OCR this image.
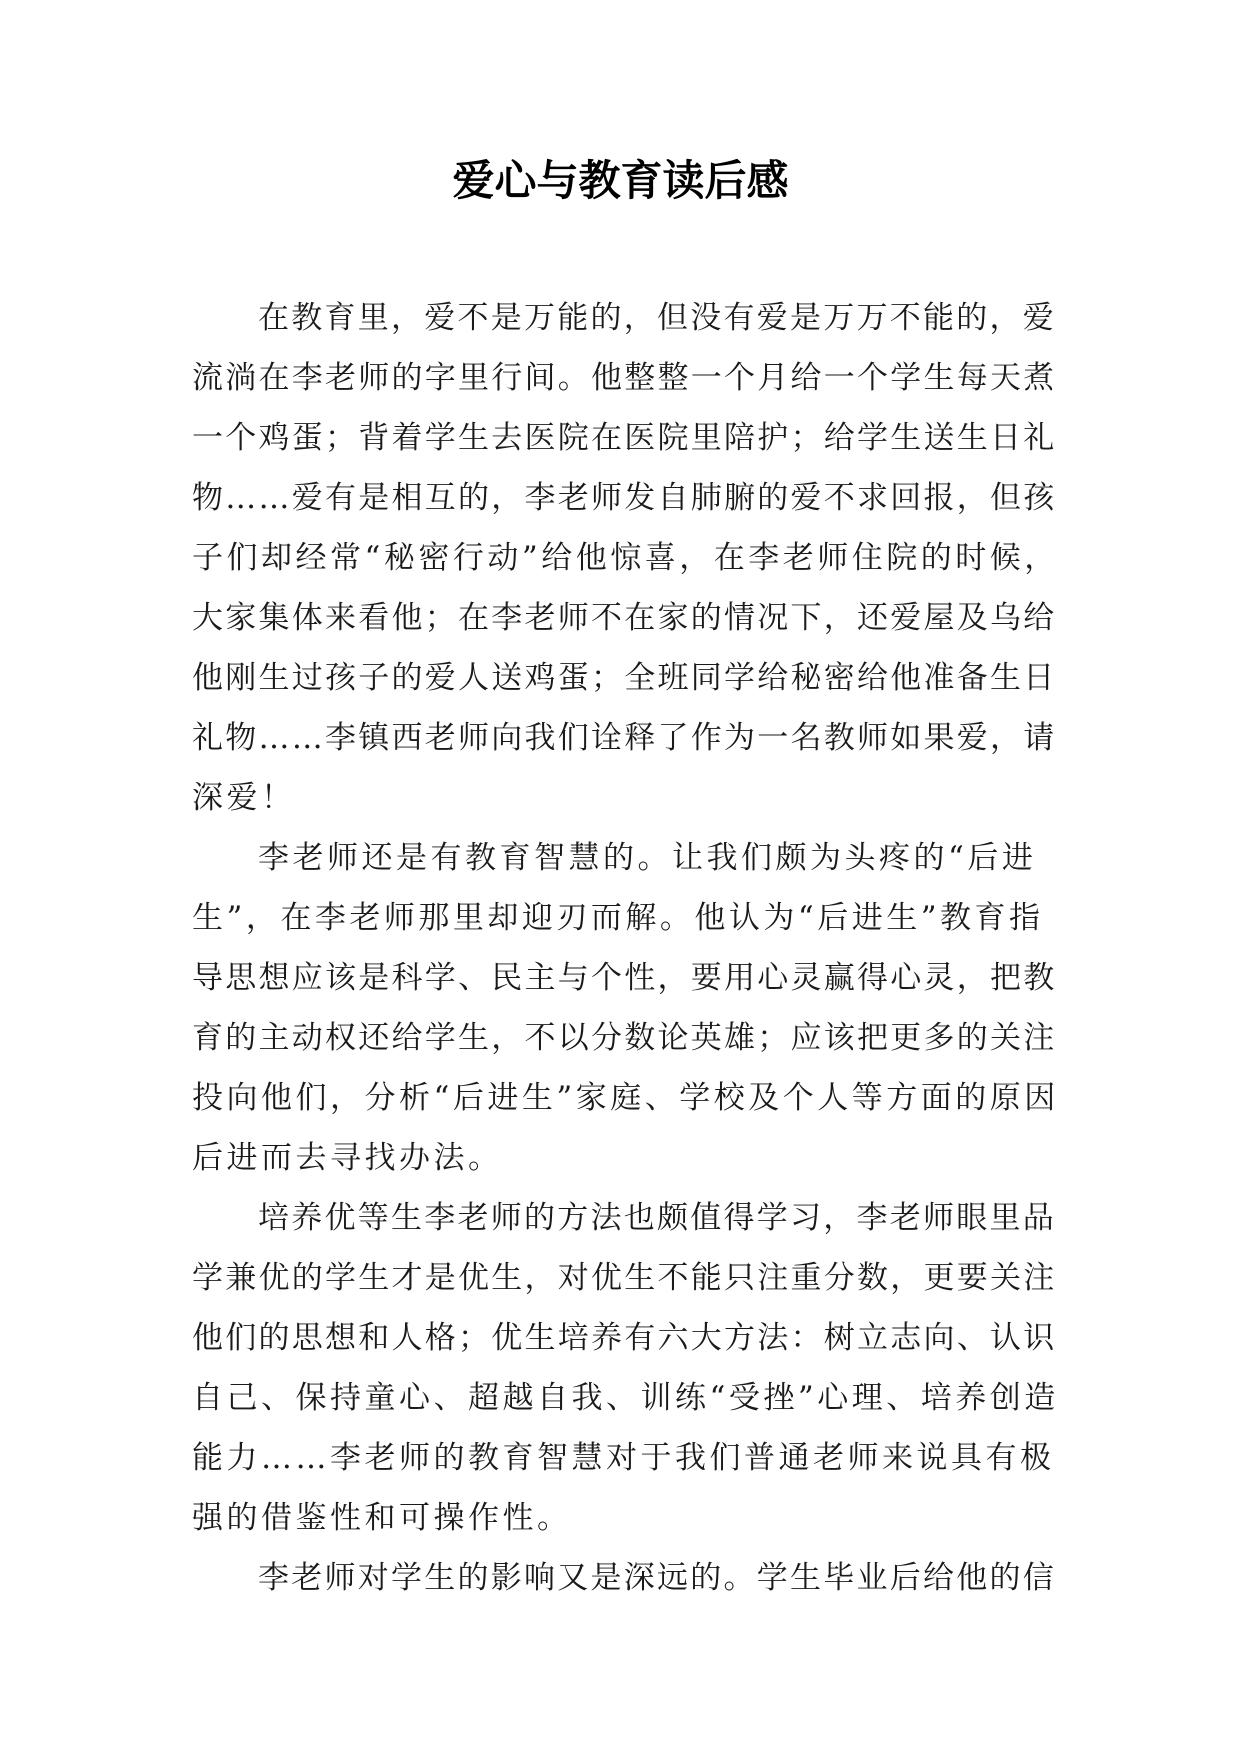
爱心与教育读后感
在教育里，爱不是万能的，但没有爱是万万不能的，爱
流淌在李老师的字里行间。他整整一个月给一个学生每天煮
一个鸡蛋；背着学生去医院在医院里陪护；给学生送生日礼
物……爱有是相互的，李老师发自肺腑的爱不求回报，但孩
子们却经常“秘密行动”给他惊喜，在李老师住院的时候，
大家集体来看他；在李老师不在家的情况下，还爱屋及乌给
他刚生过孩子的爱人送鸡蛋；全班同学给秘密给他准备生日
礼物……李镇西老师向我们诠释了作为一名教师如果爱，请
深爱！
李老师还是有教育智慧的。让我们颇为头疼的“后进
生”，在李老师那里却迎刃而解。他认为“后进生”教育指
导思想应该是科学、民主与个性，要用心灵赢得心灵，把教
育的主动权还给学生，不以分数论英雄；应该把更多的关注
投向他们，分析“后进生”家庭、学校及个人等方面的原因
后进而去寻找办法。
培养优等生李老师的方法也颇值得学习，李老师眼里品
学兼优的学生才是优生，对优生不能只注重分数，更要关注
他们的思想和人格；优生培养有六大方法：树立志向、认识
自己、保持童心、超越自我、训练“受挫”心理、培养创造
能力……李老师的教育智慧对于我们普通老师来说具有极
强的借鉴性和可操作性。
李老师对学生的影响又是深远的。学生毕业后给他的信
